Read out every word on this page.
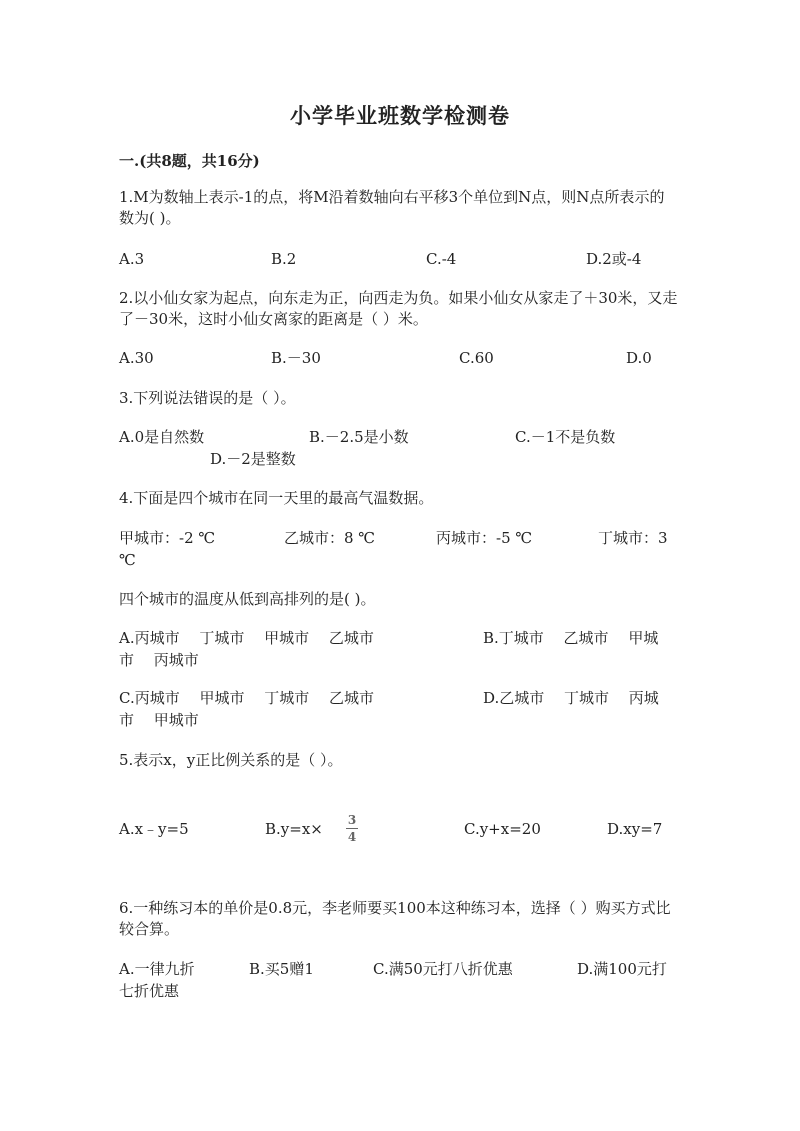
小学毕业班数学检测卷
一.(共8题，共16分)
1.M为数轴上表示-1的点，将M沿着数轴向右平移3个单位到N点，则N点所表示的数为( )。
A.3	B.2	C.-4	D.2或-4
2.以小仙女家为起点，向东走为正，向西走为负。如果小仙女从家走了＋30米，又走了－30米，这时小仙女离家的距离是（ ）米。
A.30	B.－30	C.60	D.0
3.下列说法错误的是（ ）。
A.0是自然数	B.－2.5是小数	C.－1不是负数
D.－2是整数
4.下面是四个城市在同一天里的最高气温数据。
甲城市：-2 ℃	乙城市：8 ℃	丙城市：-5 ℃	丁城市：3
℃
四个城市的温度从低到高排列的是( )。
A.丙城市　 丁城市　 甲城市　 乙城市	B.丁城市　 乙城市　 甲城
市　 丙城市
C.丙城市　 甲城市　 丁城市　 乙城市	D.乙城市　 丁城市　 丙城
市　 甲城市
5.表示x，y正比例关系的是（ ）。
A.x﹣y=5	B.y=x×	3
4	C.y+x=20	D.xy=7
6.一种练习本的单价是0.8元，李老师要买100本这种练习本，选择（ ）购买方式比较合算。
A.一律九折	B.买5赠1	C.满50元打八折优惠	D.满100元打
七折优惠
